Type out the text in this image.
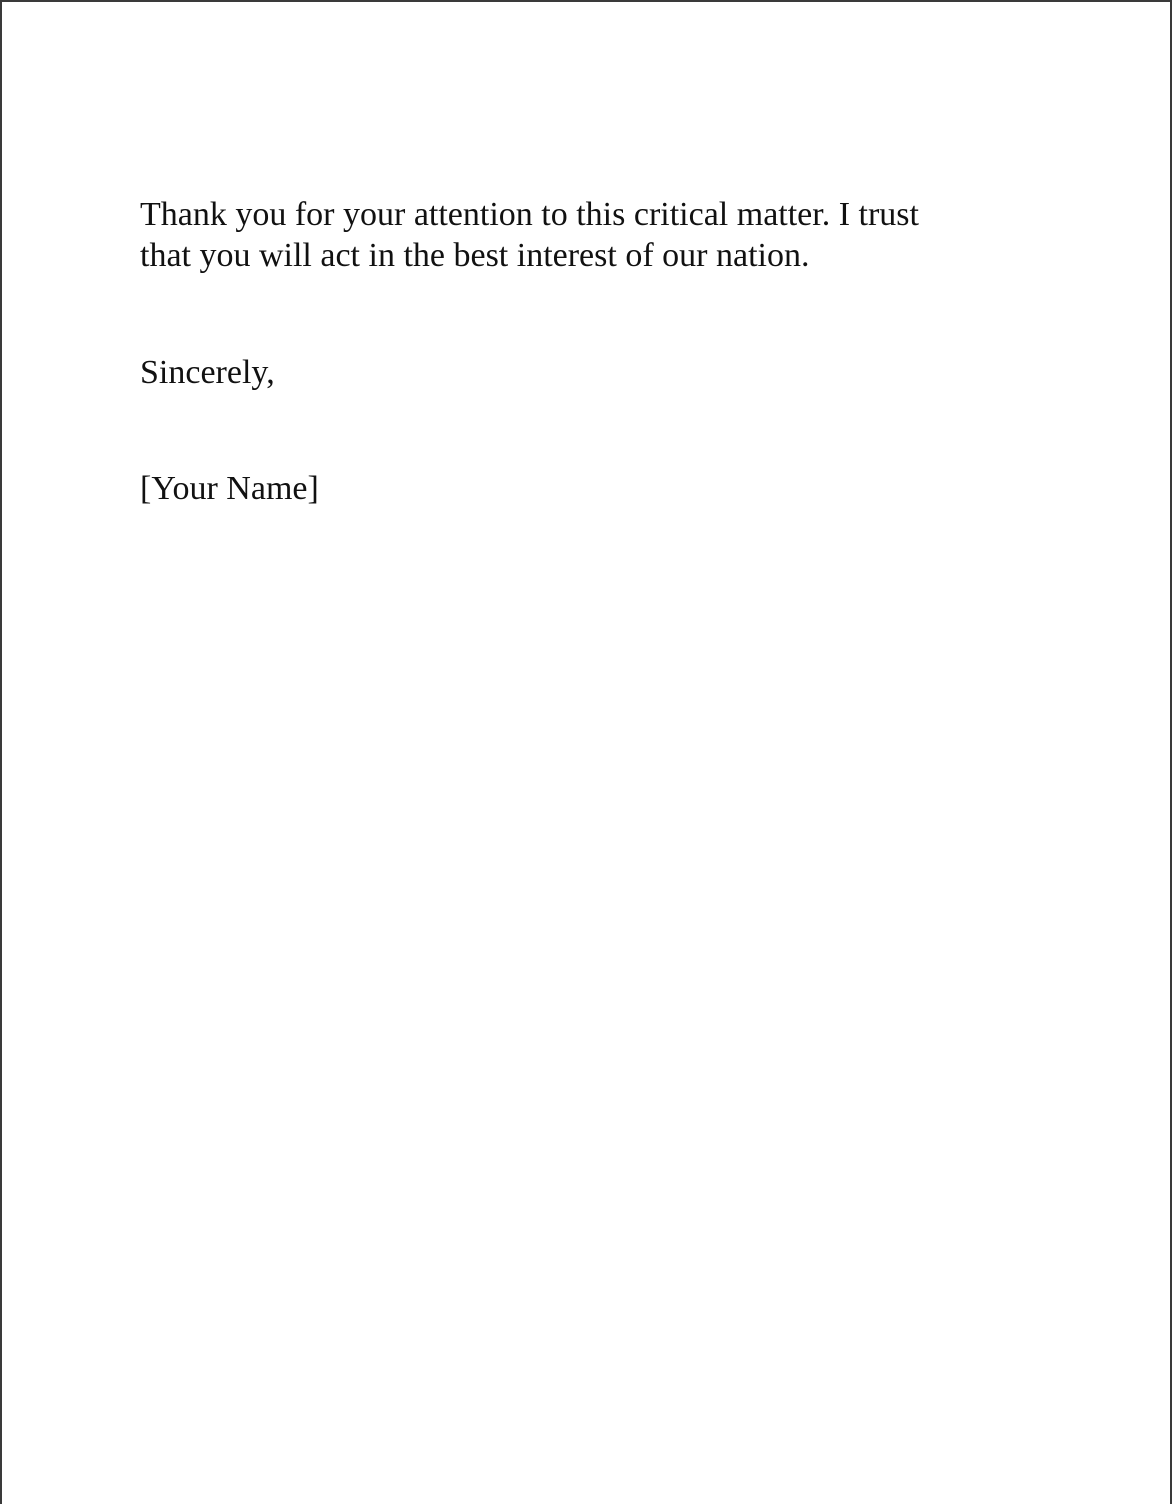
Thank you for your attention to this critical matter. I trust
that you will act in the best interest of our nation.

Sincerely,

[Your Name]
